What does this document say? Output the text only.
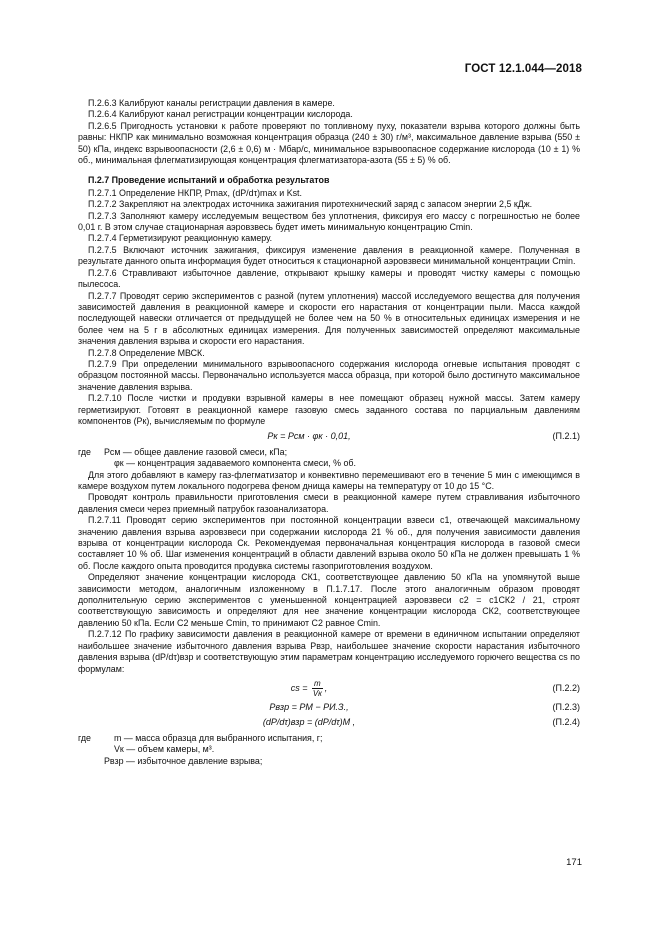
ГОСТ 12.1.044—2018

П.2.6.3 Калибруют каналы регистрации давления в камере.

П.2.6.4 Калибруют канал регистрации концентрации кислорода.

П.2.6.5 Пригодность установки к работе проверяют по топливному пуху, показатели взрыва которого должны быть равны: НКПР как минимально возможная концентрация образца (240 ± 30) г/м³, максимальное давление взрыва (550 ± 50) кПа, индекс взрывоопасности (2,6 ± 0,6) м · Мбар/с, минимальное взрывоопасное содержание кислорода (10 ± 1) % об., минимальная флегматизирующая концентрация флегматизатора-азота (55 ± 5) % об.

П.2.7 Проведение испытаний и обработка результатов

П.2.7.1 Определение НКПР, Pmax, (dP/dτ)max и Kst.

П.2.7.2 Закрепляют на электродах источника зажигания пиротехнический заряд с запасом энергии 2,5 кДж.

П.2.7.3 Заполняют камеру исследуемым веществом без уплотнения, фиксируя его массу с погрешностью не более 0,01 г. В этом случае стационарная аэровзвесь будет иметь минимальную концентрацию Cmin.

П.2.7.4 Герметизируют реакционную камеру.

П.2.7.5 Включают источник зажигания, фиксируя изменение давления в реакционной камере. Полученная в результате данного опыта информация будет относиться к стационарной аэровзвеси минимальной концентрации Cmin.

П.2.7.6 Стравливают избыточное давление, открывают крышку камеры и проводят чистку камеры с помощью пылесоса.

П.2.7.7 Проводят серию экспериментов с разной (путем уплотнения) массой исследуемого вещества для получения зависимостей давления в реакционной камере и скорости его нарастания от концентрации пыли. Масса каждой последующей навески отличается от предыдущей не более чем на 50 % в относительных единицах измерения и не более чем на 5 г в абсолютных единицах измерения. Для полученных зависимостей определяют максимальные значения давления взрыва и скорости его нарастания.

П.2.7.8 Определение МВСК.

П.2.7.9 При определении минимального взрывоопасного содержания кислорода огневые испытания проводят с образцом постоянной массы. Первоначально используется масса образца, при которой было достигнуто максимальное значение давления взрыва.

П.2.7.10 После чистки и продувки взрывной камеры в нее помещают образец нужной массы. Затем камеру герметизируют. Готовят в реакционной камере газовую смесь заданного состава по парциальным давлениям компонентов (Pк), вычисляемым по формуле

Pк = Pсм · φк · 0,01,	(П.2.1)
где	Pсм — общее давление газовой смеси, кПа;
φк — концентрация задаваемого компонента смеси, % об.

Для этого добавляют в камеру газ-флегматизатор и конвективно перемешивают его в течение 5 мин с имеющимся в камере воздухом путем локального подогрева феном днища камеры на температуру от 10 до 15 °С.

Проводят контроль правильности приготовления смеси в реакционной камере путем стравливания избыточного давления смеси через приемный патрубок газоанализатора.

П.2.7.11 Проводят серию экспериментов при постоянной концентрации взвеси c1, отвечающей максимальному значению давления взрыва аэровзвеси при содержании кислорода 21 % об., для получения зависимости давления взрыва от концентрации кислорода Cк. Рекомендуемая первоначальная концентрация кислорода в газовой смеси составляет 10 % об. Шаг изменения концентраций в области давлений взрыва около 50 кПа не должен превышать 1 % об. После каждого опыта проводится продувка системы газоприготовления воздухом.

Определяют значение концентрации кислорода CК1, соответствующее давлению 50 кПа на упомянутой выше зависимости методом, аналогичным изложенному в П.1.7.17. После этого аналогичным образом проводят дополнительную серию экспериментов с уменьшенной концентрацией аэровзвеси c2 = c1CК2 / 21, строят соответствующую зависимость и определяют для нее значение концентрации кислорода CК2, соответствующее давлению 50 кПа. Если C2 меньше Cmin, то принимают C2 равное Cmin.

П.2.7.12 По графику зависимости давления в реакционной камере от времени в единичном испытании определяют наибольшее значение избыточного давления взрыва Pвзр, наибольшее значение скорости нарастания избыточного давления взрыва (dP/dτ)взр и соответствующую этим параметрам концентрацию исследуемого горючего вещества cs по формулам:

cs = $\frac{m}{Vк}$ ,	(П.2.2)
Pвзр = PМ − PИ.З.,	(П.2.3)
(dP/dτ)взр = (dP/dτ)М ,	(П.2.4)
где	m — масса образца для выбранного испытания, г;
Vк — объем камеры, м³.
Pвзр — избыточное давление взрыва;
171
